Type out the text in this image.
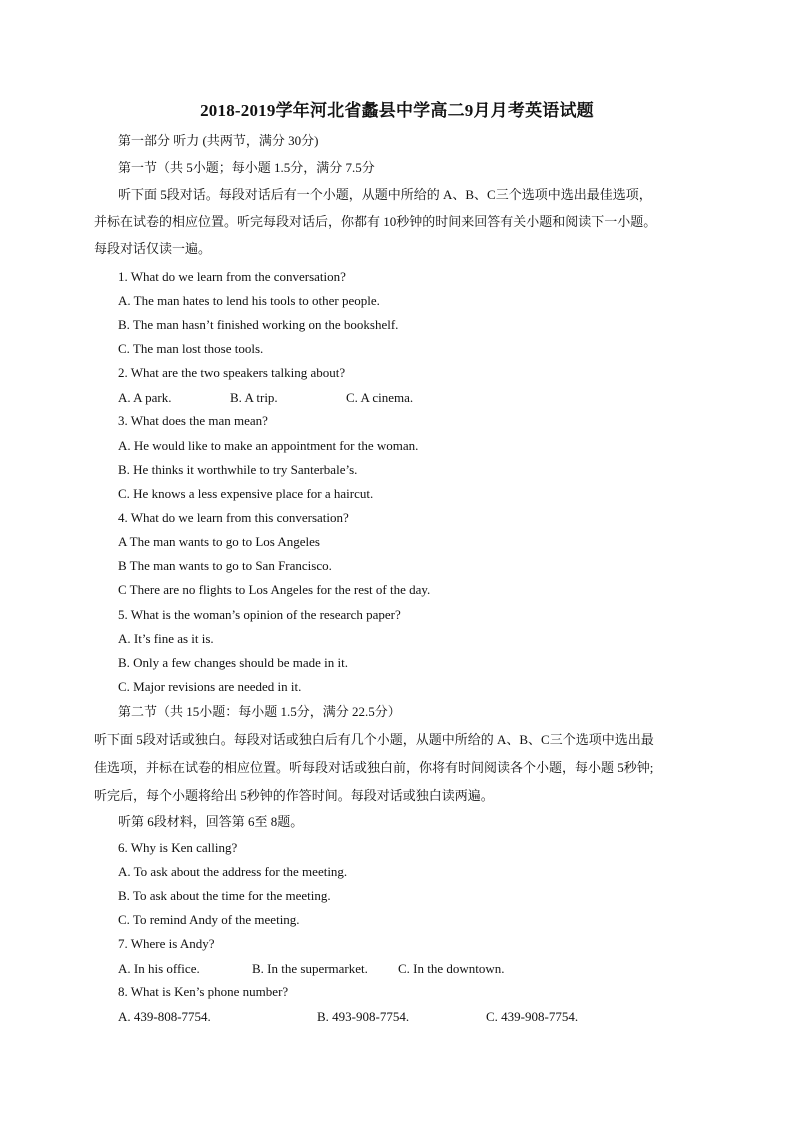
2018-2019学年河北省蠡县中学高二9月月考英语试题
第一部分 听力 (共两节，满分 30分)
第一节（共 5小题；每小题 1.5分，满分 7.5分
听下面 5段对话。每段对话后有一个小题，从题中所给的 A、B、C三个选项中选出最佳选项，
并标在试卷的相应位置。听完每段对话后，你都有 10秒钟的时间来回答有关小题和阅读下一小题。
每段对话仅读一遍。
1. What do we learn from the conversation?
A. The man hates to lend his tools to other people.
B. The man hasn’t finished working on the bookshelf.
C. The man lost those tools.
2. What are the two speakers talking about?
A. A park.	B. A trip.	C. A cinema.
3. What does the man mean?
A. He would like to make an appointment for the woman.
B. He thinks it worthwhile to try Santerbale’s.
C. He knows a less expensive place for a haircut.
4. What do we learn from this conversation?
A The man wants to go to Los Angeles
B The man wants to go to San Francisco.
C There are no flights to Los Angeles for the rest of the day.
5. What is the woman’s opinion of the research paper?
A. It’s fine as it is.
B. Only a few changes should be made in it.
C. Major revisions are needed in it.
第二节（共 15小题：每小题 1.5分，满分 22.5分）
听下面 5段对话或独白。每段对话或独白后有几个小题，从题中所给的 A、B、C三个选项中选出最
佳选项，并标在试卷的相应位置。听每段对话或独白前，你将有时间阅读各个小题，每小题 5秒钟;
听完后，每个小题将给出 5秒钟的作答时间。每段对话或独白读两遍。
听第 6段材料，回答第 6至 8题。
6. Why is Ken calling?
A. To ask about the address for the meeting.
B. To ask about the time for the meeting.
C. To remind Andy of the meeting.
7. Where is Andy?
A. In his office.	B. In the supermarket. C. In the downtown.
8. What is Ken’s phone number?
A. 439-808-7754.	B. 493-908-7754.	C. 439-908-7754.
